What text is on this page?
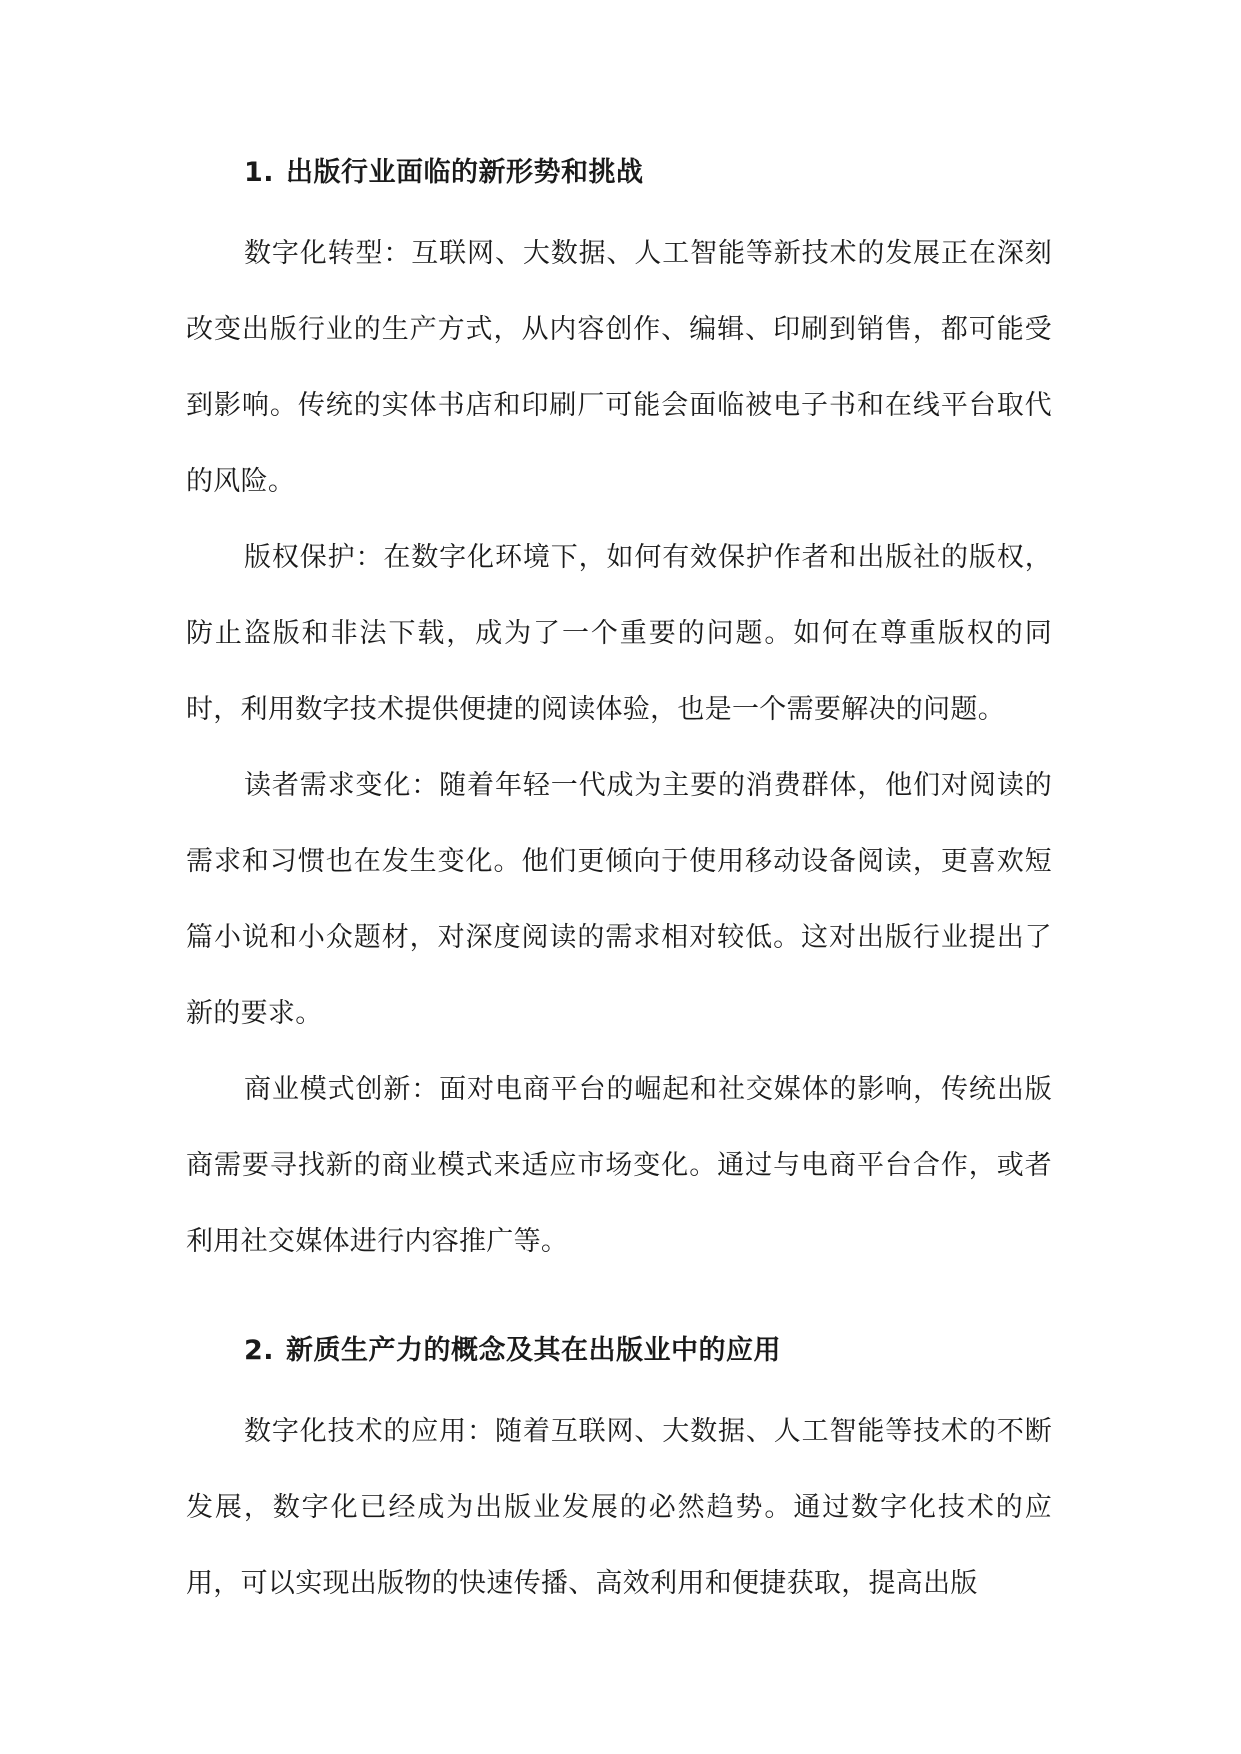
1. 出版行业面临的新形势和挑战

数字化转型：互联网、大数据、人工智能等新技术的发展正在深刻改变出版行业的生产方式，从内容创作、编辑、印刷到销售，都可能受到影响。传统的实体书店和印刷厂可能会面临被电子书和在线平台取代的风险。

版权保护：在数字化环境下，如何有效保护作者和出版社的版权，防止盗版和非法下载，成为了一个重要的问题。如何在尊重版权的同时，利用数字技术提供便捷的阅读体验，也是一个需要解决的问题。

读者需求变化：随着年轻一代成为主要的消费群体，他们对阅读的需求和习惯也在发生变化。他们更倾向于使用移动设备阅读，更喜欢短篇小说和小众题材，对深度阅读的需求相对较低。这对出版行业提出了新的要求。

商业模式创新：面对电商平台的崛起和社交媒体的影响，传统出版商需要寻找新的商业模式来适应市场变化。通过与电商平台合作，或者利用社交媒体进行内容推广等。

2. 新质生产力的概念及其在出版业中的应用

数字化技术的应用：随着互联网、大数据、人工智能等技术的不断发展，数字化已经成为出版业发展的必然趋势。通过数字化技术的应用，可以实现出版物的快速传播、高效利用和便捷获取，提高出版
